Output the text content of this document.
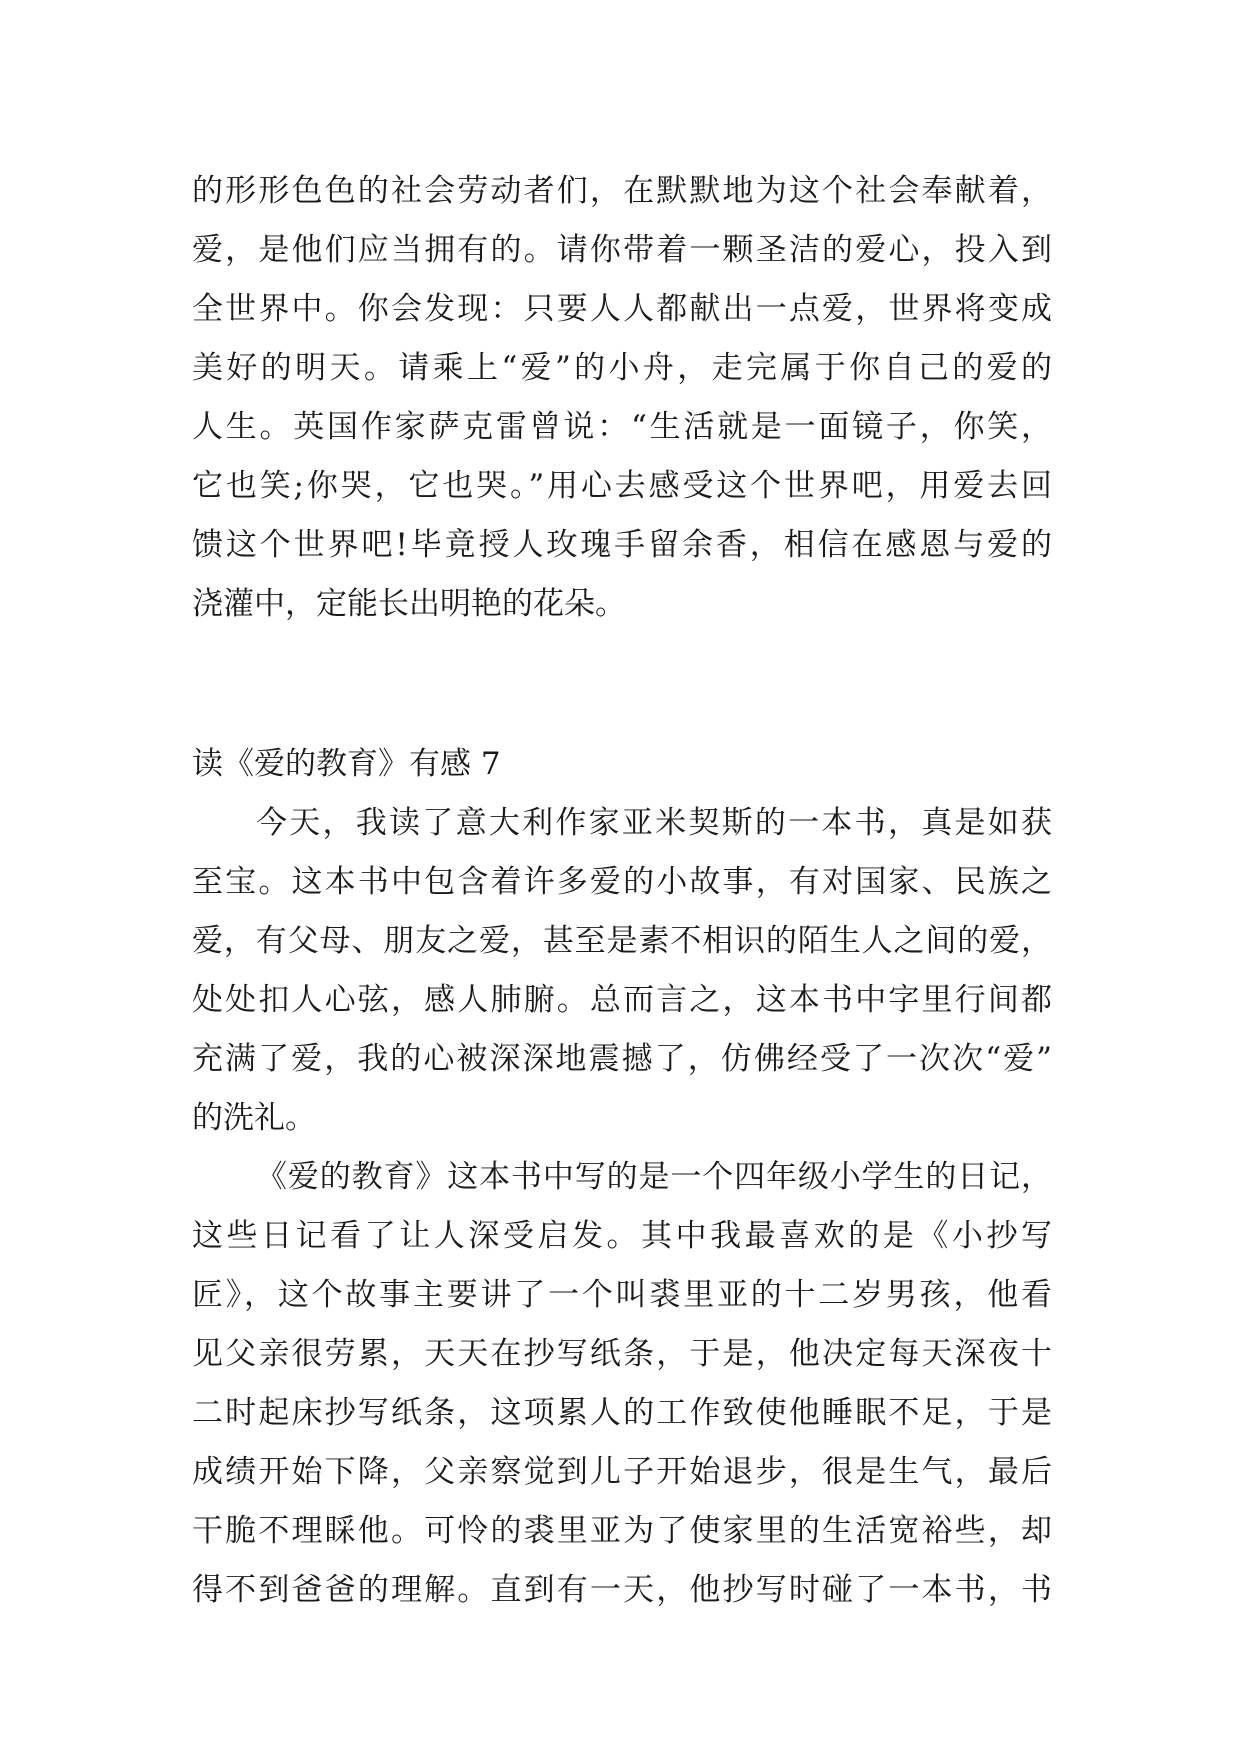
的形形色色的社会劳动者们，在默默地为这个社会奉献着，
爱，是他们应当拥有的。请你带着一颗圣洁的爱心，投入到
全世界中。你会发现：只要人人都献出一点爱，世界将变成
美好的明天。请乘上“爱”的小舟，走完属于你自己的爱的
人生。英国作家萨克雷曾说：“生活就是一面镜子，你笑，
它也笑;你哭，它也哭。”用心去感受这个世界吧，用爱去回
馈这个世界吧!毕竟授人玫瑰手留余香，相信在感恩与爱的
浇灌中，定能长出明艳的花朵。
读《爱的教育》有感 7
今天，我读了意大利作家亚米契斯的一本书，真是如获
至宝。这本书中包含着许多爱的小故事，有对国家、民族之
爱，有父母、朋友之爱，甚至是素不相识的陌生人之间的爱，
处处扣人心弦，感人肺腑。总而言之，这本书中字里行间都
充满了爱，我的心被深深地震撼了，仿佛经受了一次次“爱”
的洗礼。
《爱的教育》这本书中写的是一个四年级小学生的日记，
这些日记看了让人深受启发。其中我最喜欢的是《小抄写
匠》，这个故事主要讲了一个叫裘里亚的十二岁男孩，他看
见父亲很劳累，天天在抄写纸条，于是，他决定每天深夜十
二时起床抄写纸条，这项累人的工作致使他睡眠不足，于是
成绩开始下降，父亲察觉到儿子开始退步，很是生气，最后
干脆不理睬他。可怜的裘里亚为了使家里的生活宽裕些，却
得不到爸爸的理解。直到有一天，他抄写时碰了一本书，书
